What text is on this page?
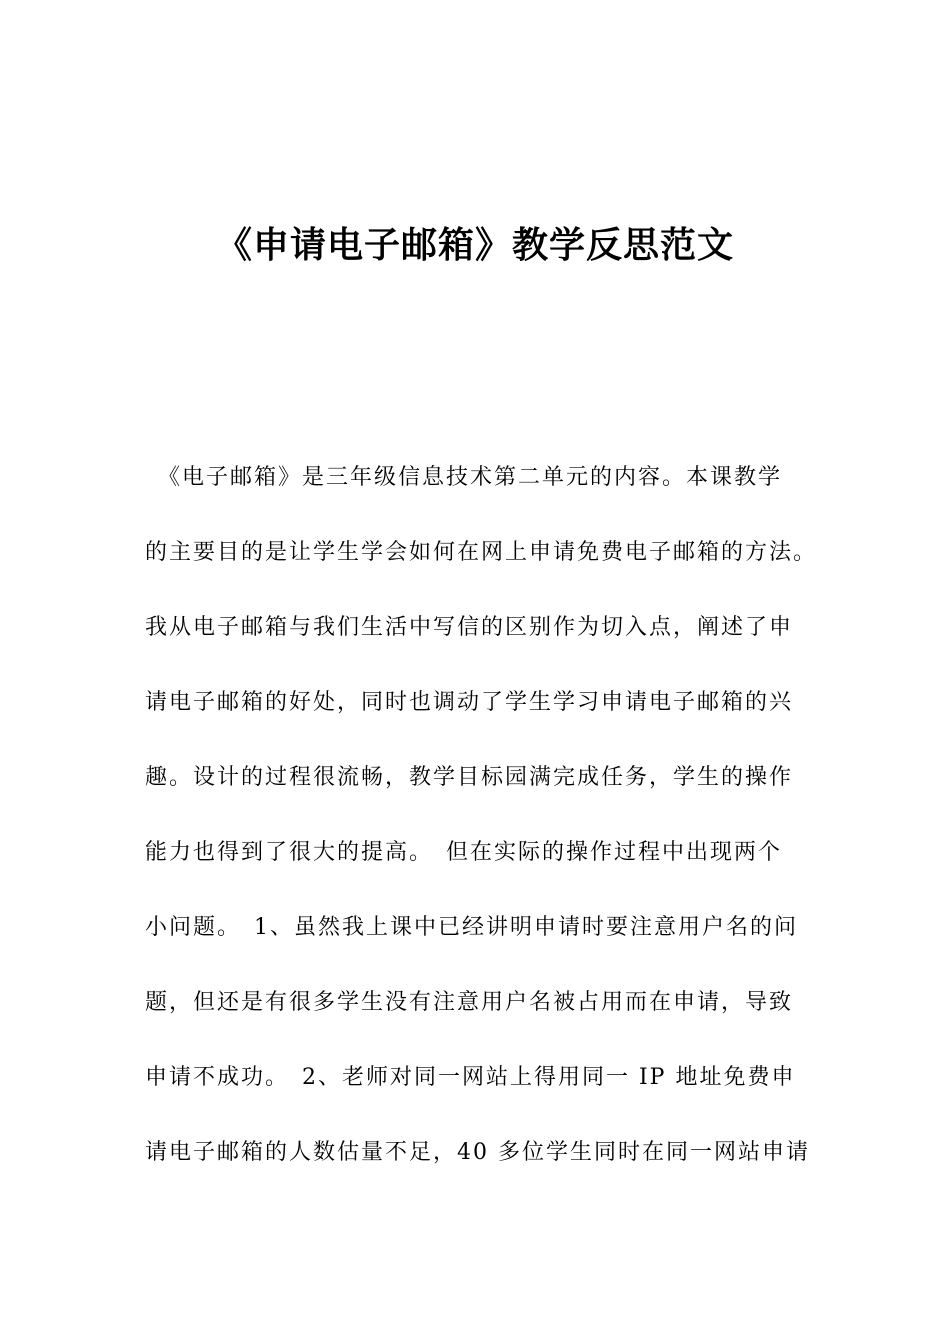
《申请电子邮箱》教学反思范文

　《电子邮箱》是三年级信息技术第二单元的内容。本课教学

的主要目的是让学生学会如何在网上申请免费电子邮箱的方法。

我从电子邮箱与我们生活中写信的区别作为切入点，阐述了申

请电子邮箱的好处，同时也调动了学生学习申请电子邮箱的兴

趣。设计的过程很流畅，教学目标园满完成任务，学生的操作

能力也得到了很大的提高。　但在实际的操作过程中出现两个

小问题。　1、虽然我上课中已经讲明申请时要注意用户名的问

题，但还是有很多学生没有注意用户名被占用而在申请，导致

申请不成功。　2、老师对同一网站上得用同一 IP 地址免费申

请电子邮箱的人数估量不足，40 多位学生同时在同一网站申请
